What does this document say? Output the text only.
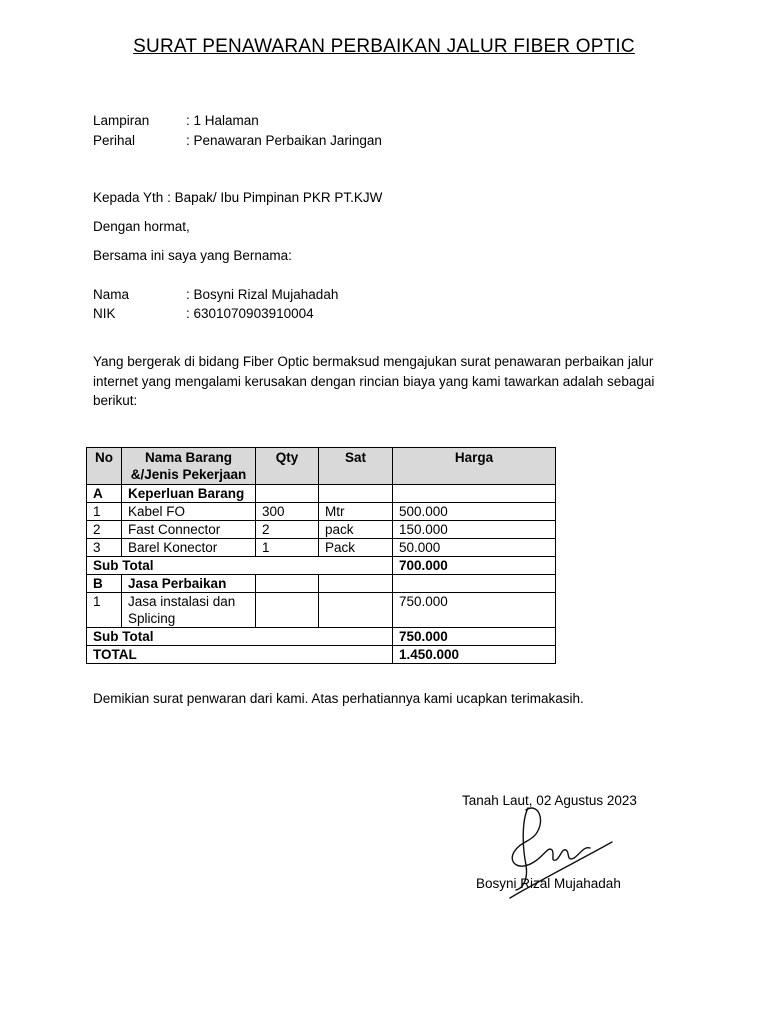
SURAT PENAWARAN PERBAIKAN JALUR FIBER OPTIC
Lampiran	: 1 Halaman
Perihal	: Penawaran Perbaikan Jaringan
Kepada Yth : Bapak/ Ibu Pimpinan PKR PT.KJW
Dengan hormat,
Bersama ini saya yang Bernama:
Nama	: Bosyni Rizal Mujahadah
NIK	: 6301070903910004
Yang bergerak di bidang Fiber Optic bermaksud mengajukan surat penawaran perbaikan jalur internet yang mengalami kerusakan dengan rincian biaya yang kami tawarkan adalah sebagai berikut:
No	Nama Barang &/Jenis Pekerjaan	Qty	Sat	Harga
A	Keperluan Barang			
1	Kabel FO	300	Mtr	500.000
2	Fast Connector	2	pack	150.000
3	Barel Konector	1	Pack	50.000
Sub Total				700.000
B	Jasa Perbaikan			
1	Jasa instalasi dan Splicing			750.000
Sub Total				750.000
TOTAL				1.450.000
Demikian surat penwaran dari kami. Atas perhatiannya kami ucapkan terimakasih.
Tanah Laut, 02 Agustus 2023
Bosyni Rizal Mujahadah
